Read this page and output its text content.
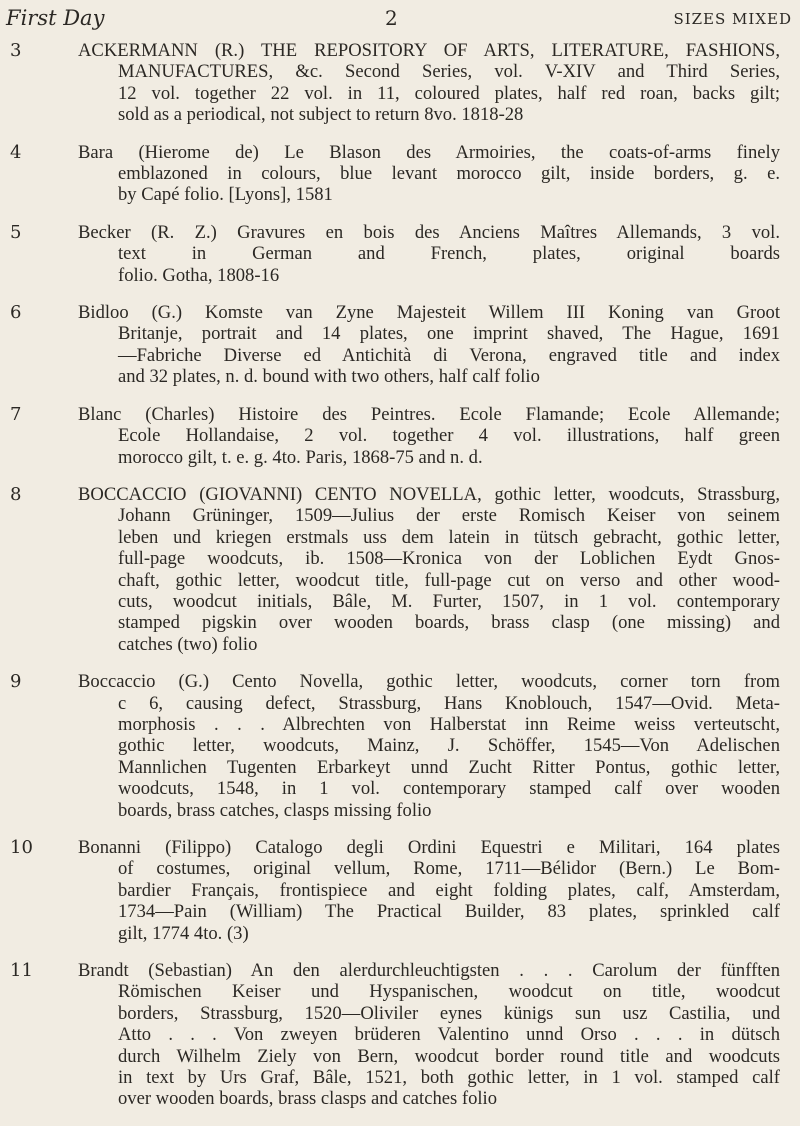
First Day	2	SIZES MIXED
3	ACKERMANN (R.) THE REPOSITORY OF ARTS, LITERATURE, FASHIONS,
MANUFACTURES, &c. Second Series, vol. V-XIV and Third Series,
12 vol. together 22 vol. in 11, coloured plates, half red roan, backs gilt;
sold as a periodical, not subject to return 8vo. 1818-28
4	Bara (Hierome de) Le Blason des Armoiries, the coats-of-arms finely
emblazoned in colours, blue levant morocco gilt, inside borders, g. e.
by Capé folio. [Lyons], 1581
5	Becker (R. Z.) Gravures en bois des Anciens Maîtres Allemands, 3 vol.
text in German and French, plates, original boards
folio. Gotha, 1808-16
6	Bidloo (G.) Komste van Zyne Majesteit Willem III Koning van Groot
Britanje, portrait and 14 plates, one imprint shaved, The Hague, 1691
—Fabriche Diverse ed Antichità di Verona, engraved title and index
and 32 plates, n. d. bound with two others, half calf folio
7	Blanc (Charles) Histoire des Peintres. Ecole Flamande; Ecole Allemande;
Ecole Hollandaise, 2 vol. together 4 vol. illustrations, half green
morocco gilt, t. e. g. 4to. Paris, 1868-75 and n. d.
8	BOCCACCIO (GIOVANNI) CENTO NOVELLA, gothic letter, woodcuts, Strassburg,
Johann Grüninger, 1509—Julius der erste Romisch Keiser von seinem
leben und kriegen erstmals uss dem latein in tütsch gebracht, gothic letter,
full-page woodcuts, ib. 1508—Kronica von der Loblichen Eydt Gnos-
chaft, gothic letter, woodcut title, full-page cut on verso and other wood-
cuts, woodcut initials, Bâle, M. Furter, 1507, in 1 vol. contemporary
stamped pigskin over wooden boards, brass clasp (one missing) and
catches (two) folio
9	Boccaccio (G.) Cento Novella, gothic letter, woodcuts, corner torn from
c 6, causing defect, Strassburg, Hans Knoblouch, 1547—Ovid. Meta-
morphosis . . . Albrechten von Halberstat inn Reime weiss verteutscht,
gothic letter, woodcuts, Mainz, J. Schöffer, 1545—Von Adelischen
Mannlichen Tugenten Erbarkeyt unnd Zucht Ritter Pontus, gothic letter,
woodcuts, 1548, in 1 vol. contemporary stamped calf over wooden
boards, brass catches, clasps missing folio
10	Bonanni (Filippo) Catalogo degli Ordini Equestri e Militari, 164 plates
of costumes, original vellum, Rome, 1711—Bélidor (Bern.) Le Bom-
bardier Français, frontispiece and eight folding plates, calf, Amsterdam,
1734—Pain (William) The Practical Builder, 83 plates, sprinkled calf
gilt, 1774 4to. (3)
11	Brandt (Sebastian) An den alerdurchleuchtigsten . . . Carolum der fünfften
Römischen Keiser und Hyspanischen, woodcut on title, woodcut
borders, Strassburg, 1520—Oliviler eynes künigs sun usz Castilia, und
Atto . . . Von zweyen brüderen Valentino unnd Orso . . . in dütsch
durch Wilhelm Ziely von Bern, woodcut border round title and woodcuts
in text by Urs Graf, Bâle, 1521, both gothic letter, in 1 vol. stamped calf
over wooden boards, brass clasps and catches folio
